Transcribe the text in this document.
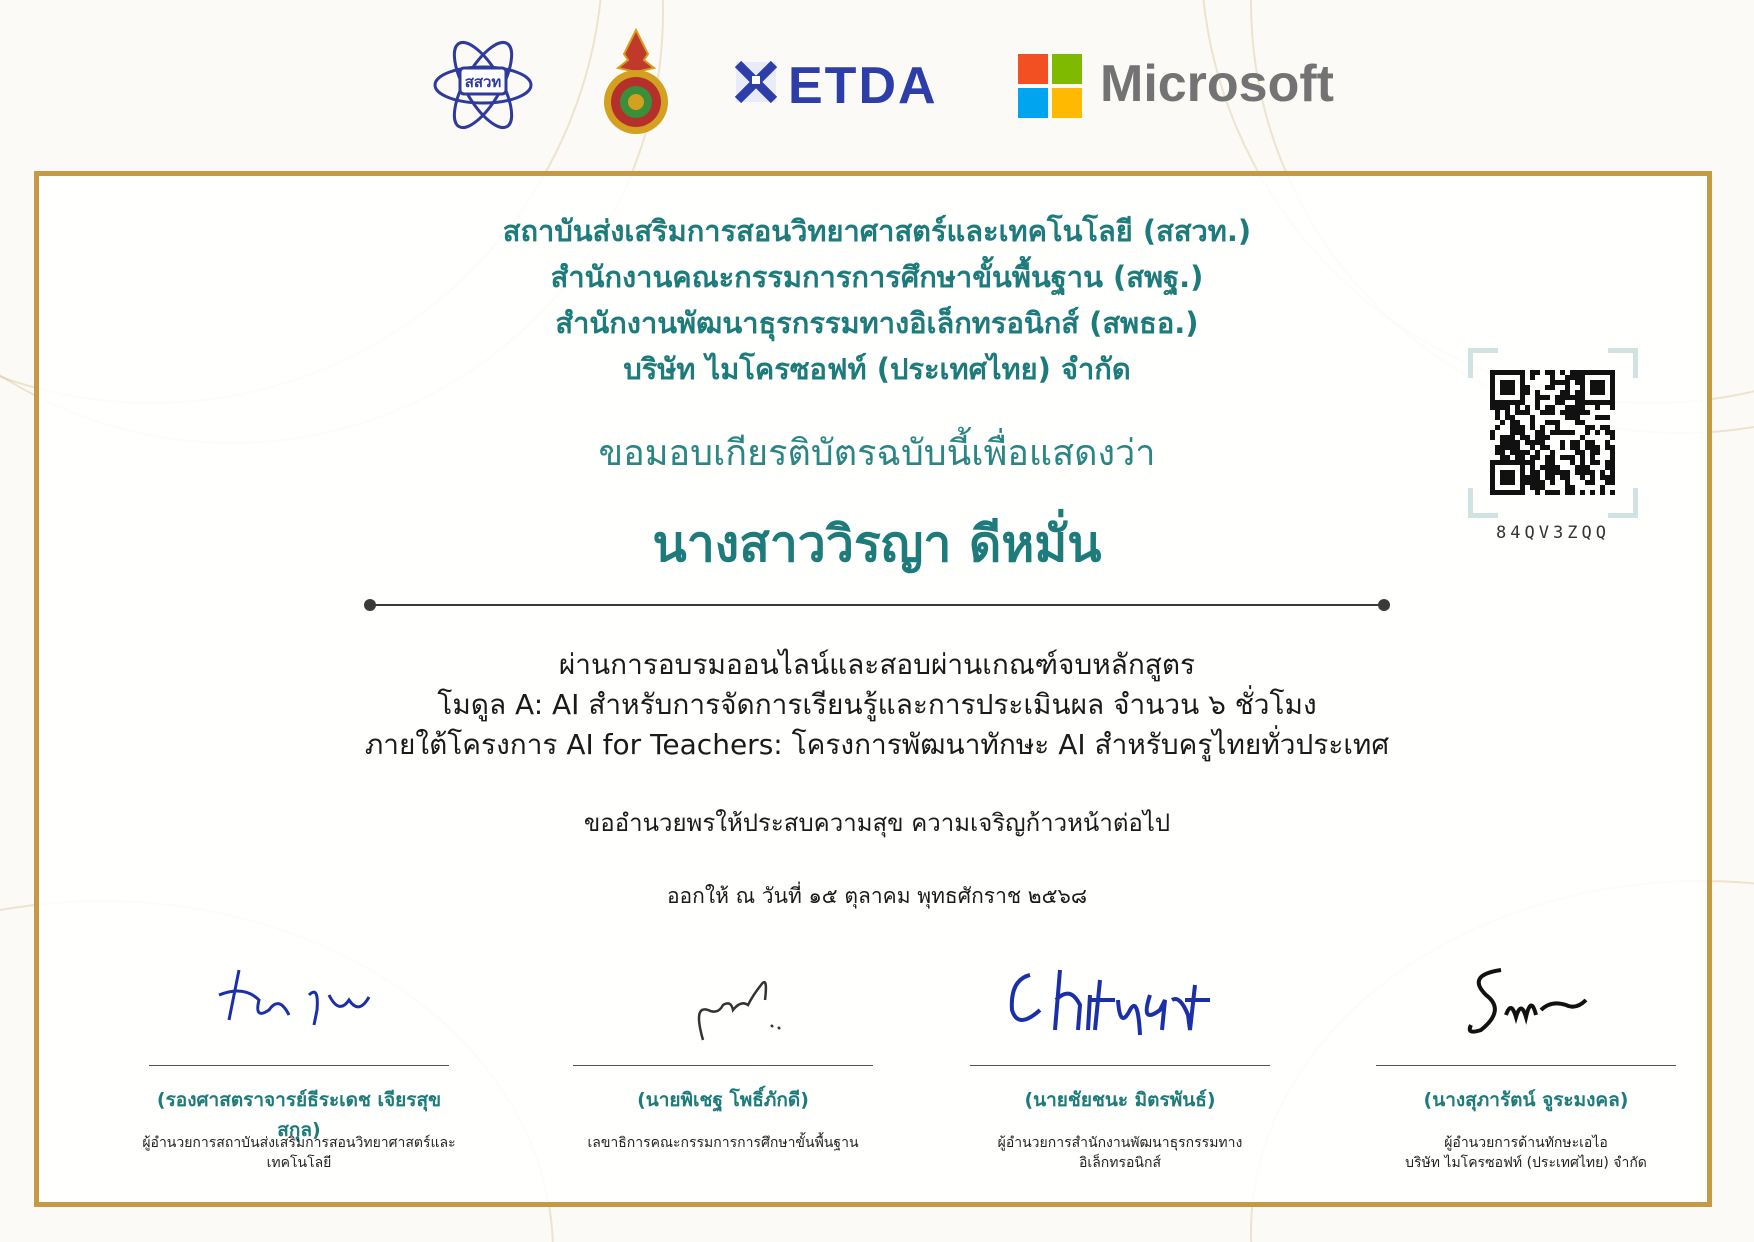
สสวท	ETDA	Microsoft
สถาบันส่งเสริมการสอนวิทยาศาสตร์และเทคโนโลยี (สสวท.)
สำนักงานคณะกรรมการการศึกษาขั้นพื้นฐาน (สพฐ.)
สำนักงานพัฒนาธุรกรรมทางอิเล็กทรอนิกส์ (สพธอ.)
บริษัท ไมโครซอฟท์ (ประเทศไทย) จำกัด
ขอมอบเกียรติบัตรฉบับนี้เพื่อแสดงว่า
นางสาววิรญา ดีหมั่น
ผ่านการอบรมออนไลน์และสอบผ่านเกณฑ์จบหลักสูตร
โมดูล A: AI สำหรับการจัดการเรียนรู้และการประเมินผล จำนวน ๖ ชั่วโมง
ภายใต้โครงการ AI for Teachers: โครงการพัฒนาทักษะ AI สำหรับครูไทยทั่วประเทศ
ขออำนวยพรให้ประสบความสุข ความเจริญก้าวหน้าต่อไป
ออกให้ ณ วันที่ ๑๕ ตุลาคม พุทธศักราช ๒๕๖๘
84QV3ZQQ
(รองศาสตราจารย์ธีระเดช เจียรสุขสกุล)
ผู้อำนวยการสถาบันส่งเสริมการสอนวิทยาศาสตร์และเทคโนโลยี
(นายพิเชฐ โพธิ์ภักดี)
เลขาธิการคณะกรรมการการศึกษาขั้นพื้นฐาน
(นายชัยชนะ มิตรพันธ์)
ผู้อำนวยการสำนักงานพัฒนาธุรกรรมทางอิเล็กทรอนิกส์
(นางสุภารัตน์ จูระมงคล)
ผู้อำนวยการด้านทักษะเอไอ
บริษัท ไมโครซอฟท์ (ประเทศไทย) จำกัด
